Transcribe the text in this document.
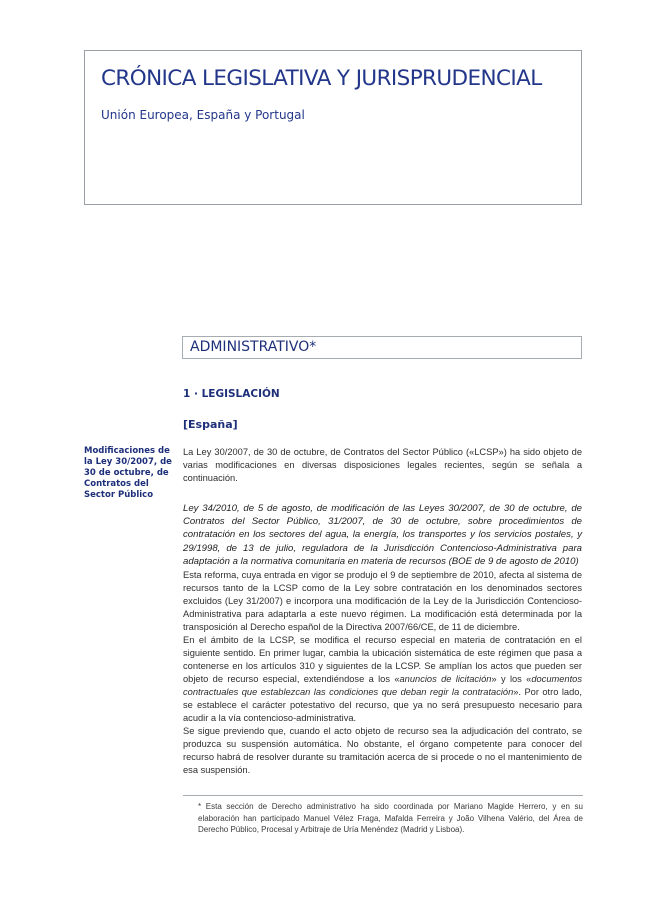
CRÓNICA LEGISLATIVA Y JURISPRUDENCIAL

Unión Europea, España y Portugal

ADMINISTRATIVO*
1 · LEGISLACIÓN
[España]
Modificaciones de la Ley 30/2007, de 30 de octubre, de Contratos del Sector Público

La Ley 30/2007, de 30 de octubre, de Contratos del Sector Público («LCSP») ha sido objeto de varias modificaciones en diversas disposiciones legales recientes, según se señala a continuación.

Ley 34/2010, de 5 de agosto, de modificación de las Leyes 30/2007, de 30 de octubre, de Contratos del Sector Público, 31/2007, de 30 de octubre, sobre procedimientos de contratación en los sectores del agua, la energía, los transportes y los servicios postales, y 29/1998, de 13 de julio, reguladora de la Jurisdicción Contencioso-Administrativa para adaptación a la normativa comunitaria en materia de recursos (BOE de 9 de agosto de 2010)

Esta reforma, cuya entrada en vigor se produjo el 9 de septiembre de 2010, afecta al sistema de recursos tanto de la LCSP como de la Ley sobre contratación en los denominados sectores excluidos (Ley 31/2007) e incorpora una modificación de la Ley de la Jurisdicción Contencioso-Administrativa para adaptarla a este nuevo régimen. La modificación está determinada por la transposición al Derecho español de la Directiva 2007/66/CE, de 11 de diciembre.

En el ámbito de la LCSP, se modifica el recurso especial en materia de contratación en el siguiente sentido. En primer lugar, cambia la ubicación sistemática de este régimen que pasa a contenerse en los artículos 310 y siguientes de la LCSP. Se amplían los actos que pueden ser objeto de recurso especial, extendiéndose a los «anuncios de licitación» y los «documentos contractuales que establezcan las condiciones que deban regir la contratación». Por otro lado, se establece el carácter potestativo del recurso, que ya no será presupuesto necesario para acudir a la vía contencioso-administrativa.

Se sigue previendo que, cuando el acto objeto de recurso sea la adjudicación del contrato, se produzca su suspensión automática. No obstante, el órgano competente para conocer del recurso habrá de resolver durante su tramitación acerca de si procede o no el mantenimiento de esa suspensión.

* Esta sección de Derecho administrativo ha sido coordinada por Mariano Magide Herrero, y en su elaboración han participado Manuel Vélez Fraga, Mafalda Ferreira y João Vilhena Valério, del Área de Derecho Público, Procesal y Arbitraje de Uría Menéndez (Madrid y Lisboa).
